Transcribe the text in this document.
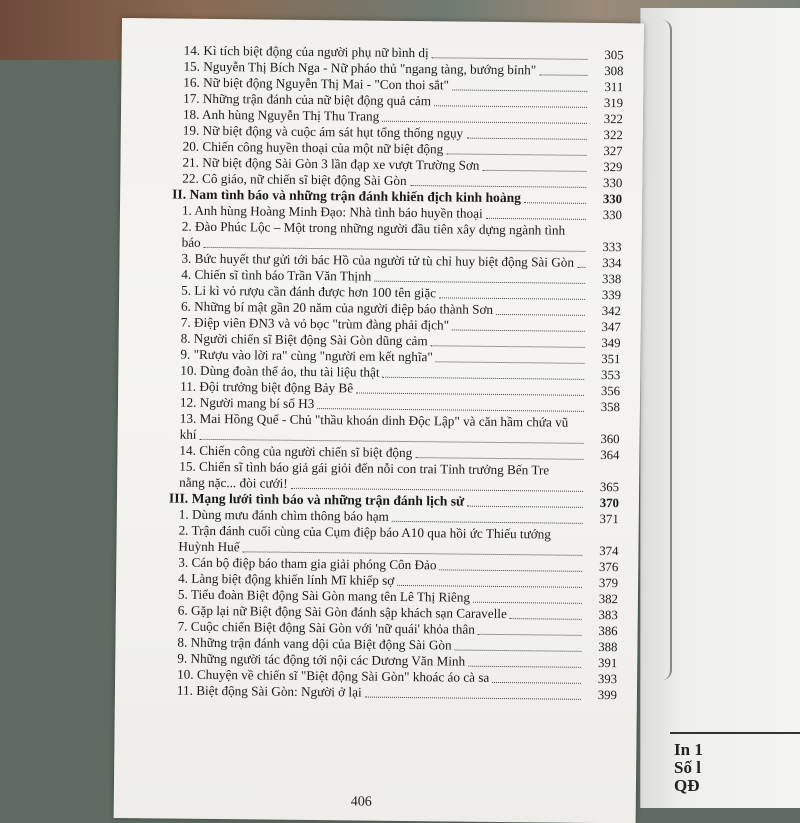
In 1
Số l
QĐ
14. Kì tích biệt động của người phụ nữ bình dị	305
15. Nguyễn Thị Bích Nga - Nữ pháo thủ "ngang tàng, bướng bỉnh"	308
16. Nữ biệt động Nguyễn Thị Mai - "Con thoi sắt"	311
17. Những trận đánh của nữ biệt động quả cảm	319
18. Anh hùng Nguyễn Thị Thu Trang	322
19. Nữ biệt động và cuộc ám sát hụt tổng thống ngụy	322
20. Chiến công huyền thoại của một nữ biệt động	327
21. Nữ biệt động Sài Gòn 3 lần đạp xe vượt Trường Sơn	329
22. Cô giáo, nữ chiến sĩ biệt động Sài Gòn	330
II. Nam tình báo và những trận đánh khiến địch kinh hoàng	330
1. Anh hùng Hoàng Minh Đạo: Nhà tình báo huyền thoại	330
2. Đào Phúc Lộc – Một trong những người đầu tiên xây dựng ngành tình báo	333
3. Bức huyết thư gửi tới bác Hồ của người tử tù chỉ huy biệt động Sài Gòn	334
4. Chiến sĩ tình báo Trần Văn Thịnh	338
5. Li kì vỏ rượu cần đánh được hơn 100 tên giặc	339
6. Những bí mật gần 20 năm của người điệp báo thành Sơn	342
7. Điệp viên ĐN3 và vỏ bọc "trùm đàng phải địch"	347
8. Người chiến sĩ Biệt động Sài Gòn dũng cảm	349
9. "Rượu vào lời ra" cùng "người em kết nghĩa"	351
10. Dùng đoàn thể ảo, thu tài liệu thật	353
11. Đội trưởng biệt động Bảy Bê	356
12. Người mang bí số H3	358
13. Mai Hồng Quế - Chủ "thầu khoán dinh Độc Lập" và căn hầm chứa vũ khí	360
14. Chiến công của người chiến sĩ biệt động	364
15. Chiến sĩ tình báo giả gái giỏi đến nỗi con trai Tỉnh trưởng Bến Tre nằng nặc... đòi cưới!	365
III. Mạng lưới tình báo và những trận đánh lịch sử	370
1. Dùng mưu đánh chìm thông báo hạm	371
2. Trận đánh cuối cùng của Cụm điệp báo A10 qua hồi ức Thiếu tướng Huỳnh Huế	374
3. Cán bộ điệp báo tham gia giải phóng Côn Đảo	376
4. Làng biệt động khiến lính Mĩ khiếp sợ	379
5. Tiểu đoàn Biệt động Sài Gòn mang tên Lê Thị Riêng	382
6. Gặp lại nữ Biệt động Sài Gòn đánh sập khách sạn Caravelle	383
7. Cuộc chiến Biệt động Sài Gòn với 'nữ quái' khỏa thân	386
8. Những trận đánh vang dội của Biệt động Sài Gòn	388
9. Những người tác động tới nội các Dương Văn Minh	391
10. Chuyện về chiến sĩ "Biệt động Sài Gòn" khoác áo cà sa	393
11. Biệt động Sài Gòn: Người ở lại	399
406
